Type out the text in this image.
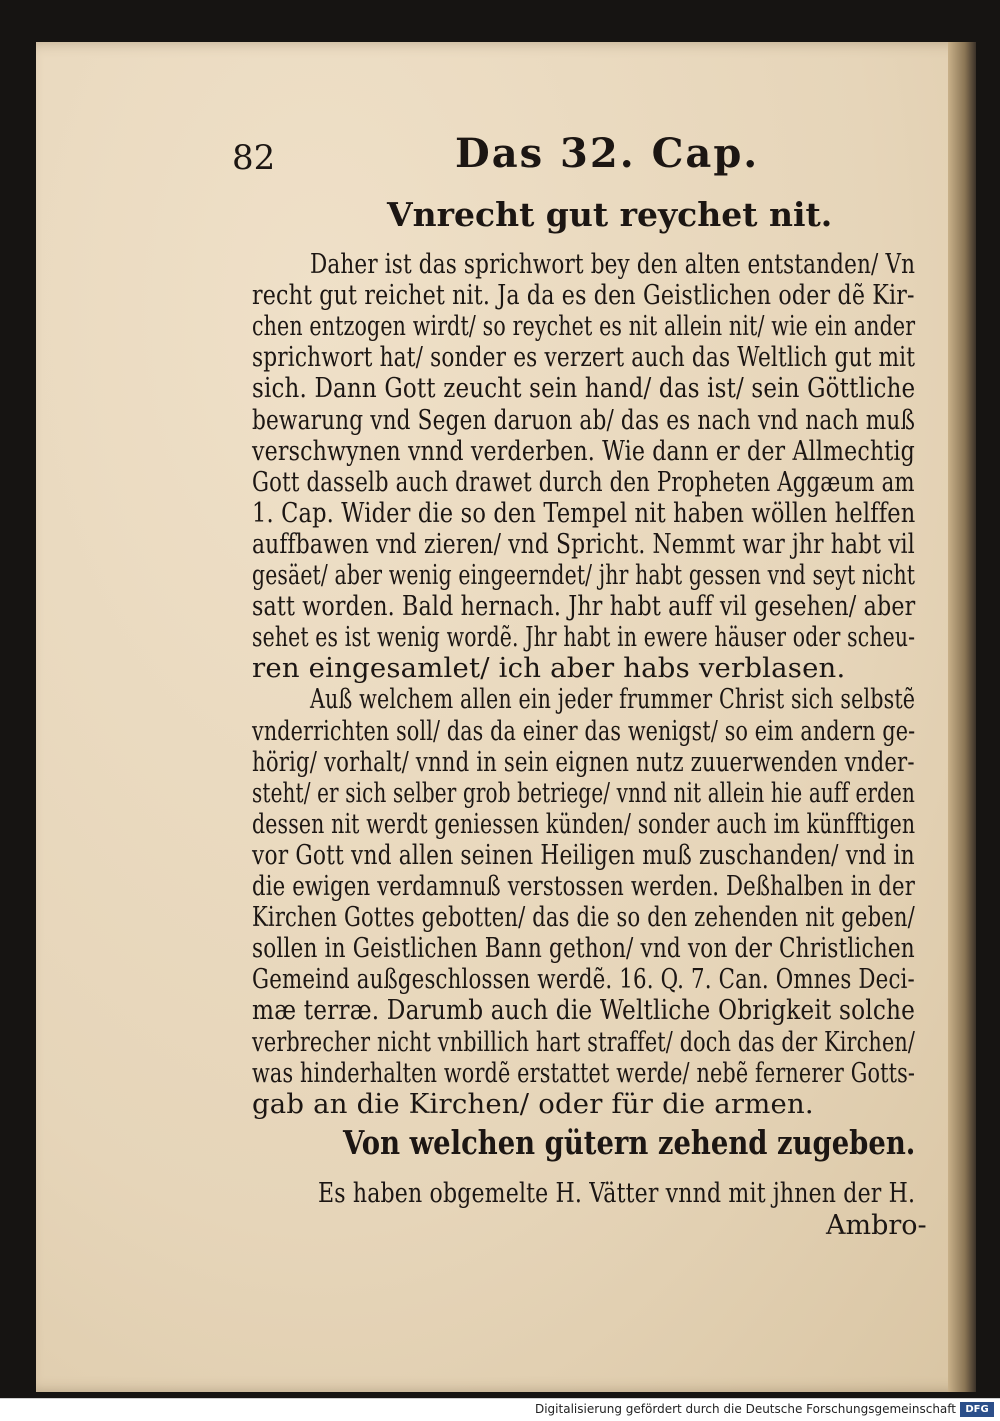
82	Das 32. Cap.
Vnrecht gut reychet nit.
Daher ist das sprichwort bey den alten entstanden/ Vn
recht gut reichet nit. Ja da es den Geistlichen oder dẽ Kir-
chen entzogen wirdt/ so reychet es nit allein nit/ wie ein ander
sprichwort hat/ sonder es verzert auch das Weltlich gut mit
sich. Dann Gott zeucht sein hand/ das ist/ sein Göttliche
bewarung vnd Segen daruon ab/ das es nach vnd nach muß
verschwynen vnnd verderben. Wie dann er der Allmechtig
Gott dasselb auch drawet durch den Propheten Aggæum am
1. Cap. Wider die so den Tempel nit haben wöllen helffen
auffbawen vnd zieren/ vnd Spricht. Nemmt war jhr habt vil
gesäet/ aber wenig eingeerndet/ jhr habt gessen vnd seyt nicht
satt worden. Bald hernach. Jhr habt auff vil gesehen/ aber
sehet es ist wenig wordẽ. Jhr habt in ewere häuser oder scheu-
ren eingesamlet/ ich aber habs verblasen.
Auß welchem allen ein jeder frummer Christ sich selbstẽ
vnderrichten soll/ das da einer das wenigst/ so eim andern ge-
hörig/ vorhalt/ vnnd in sein eignen nutz zuuerwenden vnder-
steht/ er sich selber grob betriege/ vnnd nit allein hie auff erden
dessen nit werdt geniessen künden/ sonder auch im künfftigen
vor Gott vnd allen seinen Heiligen muß zuschanden/ vnd in
die ewigen verdamnuß verstossen werden. Deßhalben in der
Kirchen Gottes gebotten/ das die so den zehenden nit geben/
sollen in Geistlichen Bann gethon/ vnd von der Christlichen
Gemeind außgeschlossen werdẽ. 16. Q. 7. Can. Omnes Deci-
mæ terræ. Darumb auch die Weltliche Obrigkeit solche
verbrecher nicht vnbillich hart straffet/ doch das der Kirchen/
was hinderhalten wordẽ erstattet werde/ nebẽ fernerer Gotts-
gab an die Kirchen/ oder für die armen.
Von welchen gütern zehend zugeben.
Es haben obgemelte H. Vätter vnnd mit jhnen der H.
Ambro-
Digitalisierung gefördert durch die Deutsche Forschungsgemeinschaft DFG
